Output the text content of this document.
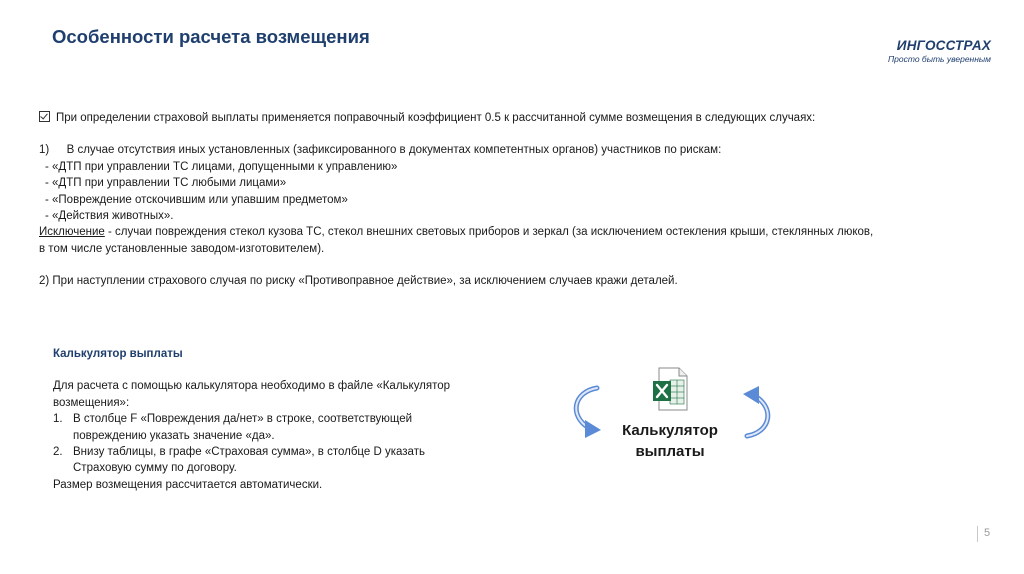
Особенности расчета возмещения	ИНГОССТРАХ
Просто быть уверенным
При определении страховой выплаты применяется поправочный коэффициент 0.5 к рассчитанной сумме возмещения в следующих случаях:
1) В случае отсутствия иных установленных (зафиксированного в документах компетентных органов) участников по рискам:
- «ДТП при управлении ТС лицами, допущенными к управлению»
- «ДТП при управлении ТС любыми лицами»
- «Повреждение отскочившим или упавшим предметом»
- «Действия животных».
Исключение - случаи повреждения стекол кузова ТС, стекол внешних световых приборов и зеркал (за исключением остекления крыши, стеклянных люков,
в том числе установленные заводом-изготовителем).
2) При наступлении страхового случая по риску «Противоправное действие», за исключением случаев кражи деталей.
Калькулятор выплаты
Для расчета с помощью калькулятора необходимо в файле «Калькулятор
возмещения»:
1. В столбце F «Повреждения да/нет» в строке, соответствующей
повреждению указать значение «да».
2. Внизу таблицы, в графе «Страховая сумма», в столбце D указать
Страховую сумму по договору.
Размер возмещения рассчитается автоматически.
Калькулятор
выплаты
5
